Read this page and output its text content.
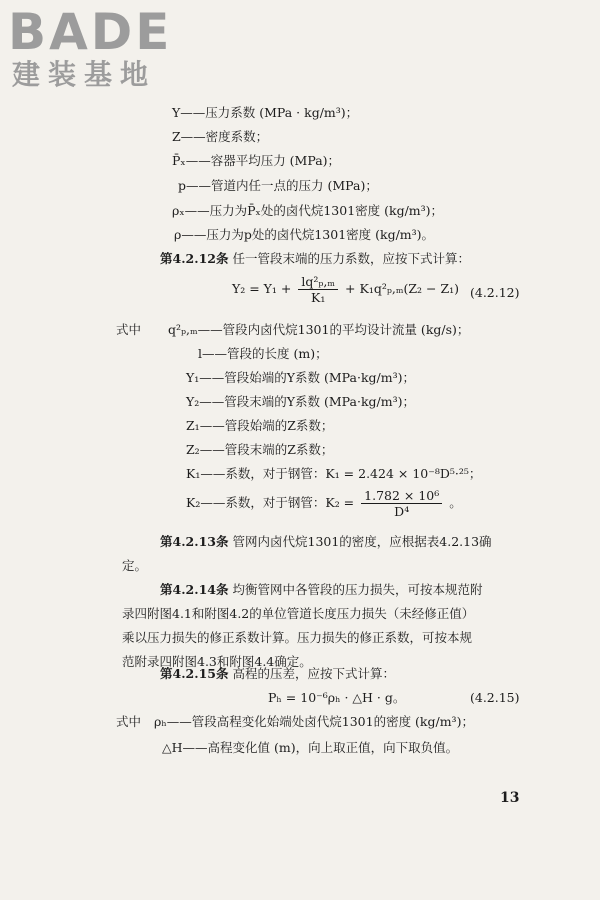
BADE
建装基地
Y——压力系数 (MPa · kg/m³)；
Z——密度系数；
P̄ₓ——容器平均压力 (MPa)；
p——管道内任一点的压力 (MPa)；
ρₓ——压力为P̄ₓ处的卤代烷1301密度 (kg/m³)；
ρ——压力为p处的卤代烷1301密度 (kg/m³)。
第4.2.12条 任一管段末端的压力系数，应按下式计算：
$Y_2 = Y_1 + \frac{\text{lq²ₚ,ₘ}}{\text{K₁}} + K_1q^2_p,_m(Z_2 - Z_1)$ (4.2.12)
式中 q²ₚ,ₘ——管段内卤代烷1301的平均设计流量 (kg/s)；
l——管段的长度 (m)；
Y₁——管段始端的Y系数 (MPa·kg/m³)；
Y₂——管段末端的Y系数 (MPa·kg/m³)；
Z₁——管段始端的Z系数；
Z₂——管段末端的Z系数；
K₁——系数，对于钢管：K₁ = 2.424 × 10⁻⁸D⁵·²⁵；
K₂——系数，对于钢管：$K_2 = \frac{\text{1.782 × 10⁶}}{\text{D⁴}}$ 。
第4.2.13条 管网内卤代烷1301的密度，应根据表4.2.13确
定。
第4.2.14条 均衡管网中各管段的压力损失，可按本规范附
录四附图4.1和附图4.2的单位管道长度压力损失（未经修正值）
乘以压力损失的修正系数计算。压力损失的修正系数，可按本规
范附录四附图4.3和附图4.4确定。
第4.2.15条 高程的压差，应按下式计算：
Pₕ = 10⁻⁶ρₕ · △H · g。	(4.2.15)
式中 ρₕ——管段高程变化始端处卤代烷1301的密度 (kg/m³)；
△H——高程变化值 (m)，向上取正值，向下取负值。
13
